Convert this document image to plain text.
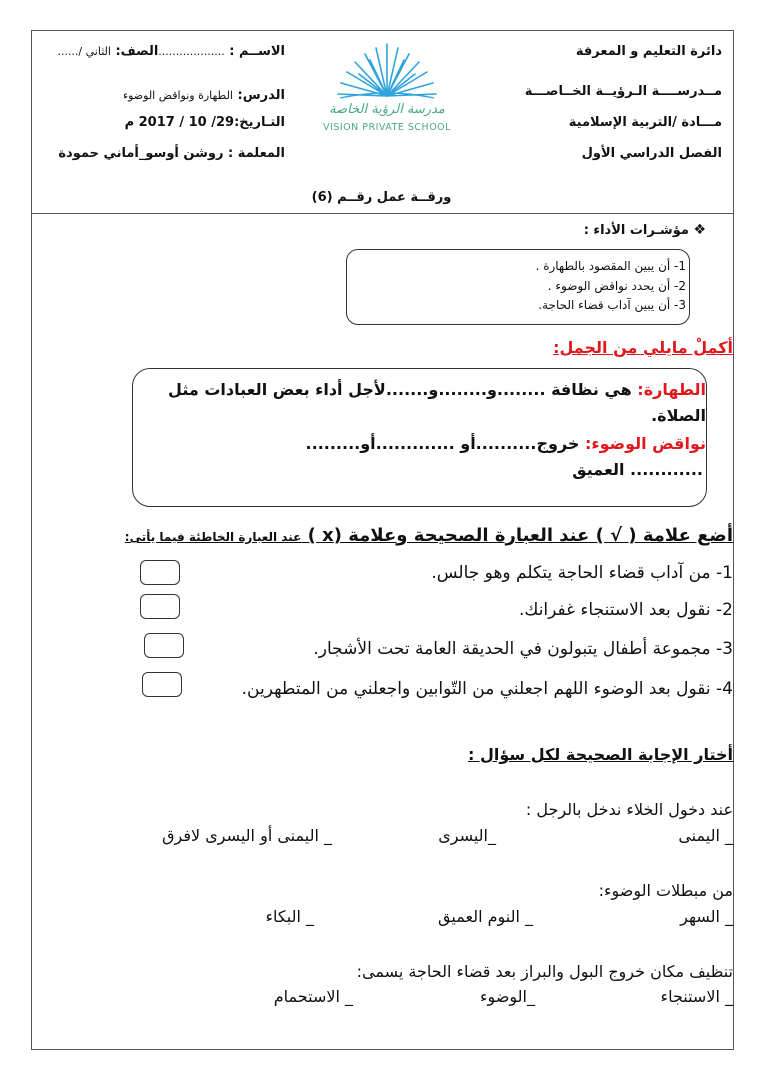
دائرة التعليم و المعرفة
مــدرســــة الـرؤيــة الخــاصـــة
مـــادة /التربية الإسلامية
الفصل الدراسي الأول
الاســم : ...................الصف: الثاني /......
الدرس: الطهارة ونواقض الوضوء
التـاريخ:29/ 10 / 2017 م
المعلمة : روشن أوسو_أماني حمودة
مدرسة الرؤية الخاصة
VISION PRIVATE SCHOOL
ورقــة عمل رقــم (6)
❖ مؤشـرات الأداء :
1- أن يبين المقصود بالطهارة .
2- أن يحدد نواقض الوضوء .
3- أن يبين آداب قضاء الحاجة.
أكملْ مايلي من الجمل:
الطهارة: هي نظافة ........و........و.......لأجل أداء بعض العبادات مثل
الصلاة.
نواقض الوضوء: خروج..........أو .............أو.........
............ العميق
أضع علامة ( √ ) عند العبارة الصحيحة وعلامة (x ) عند العبارة الخاطئة فيما يأتى:
1- من آداب قضاء الحاجة يتكلم وهو جالس.
2- نقول بعد الاستنجاء غفرانك.
3- مجموعة أطفال يتبولون في الحديقة العامة تحت الأشجار.
4- نقول بعد الوضوء اللهم اجعلني من التّوابين واجعلني من المتطهرين.
أختار الإجابة الصحيحة لكل سؤال :
عند دخول الخلاء ندخل بالرجل :
_ اليمنى
_اليسرى
_ اليمنى أو اليسرى لافرق
من مبطلات الوضوء:
_ السهر
_ النوم العميق
_ البكاء
تنظيف مكان خروج البول والبراز بعد قضاء الحاجة يسمى:
_ الاستنجاء
_الوضوء
_ الاستحمام
